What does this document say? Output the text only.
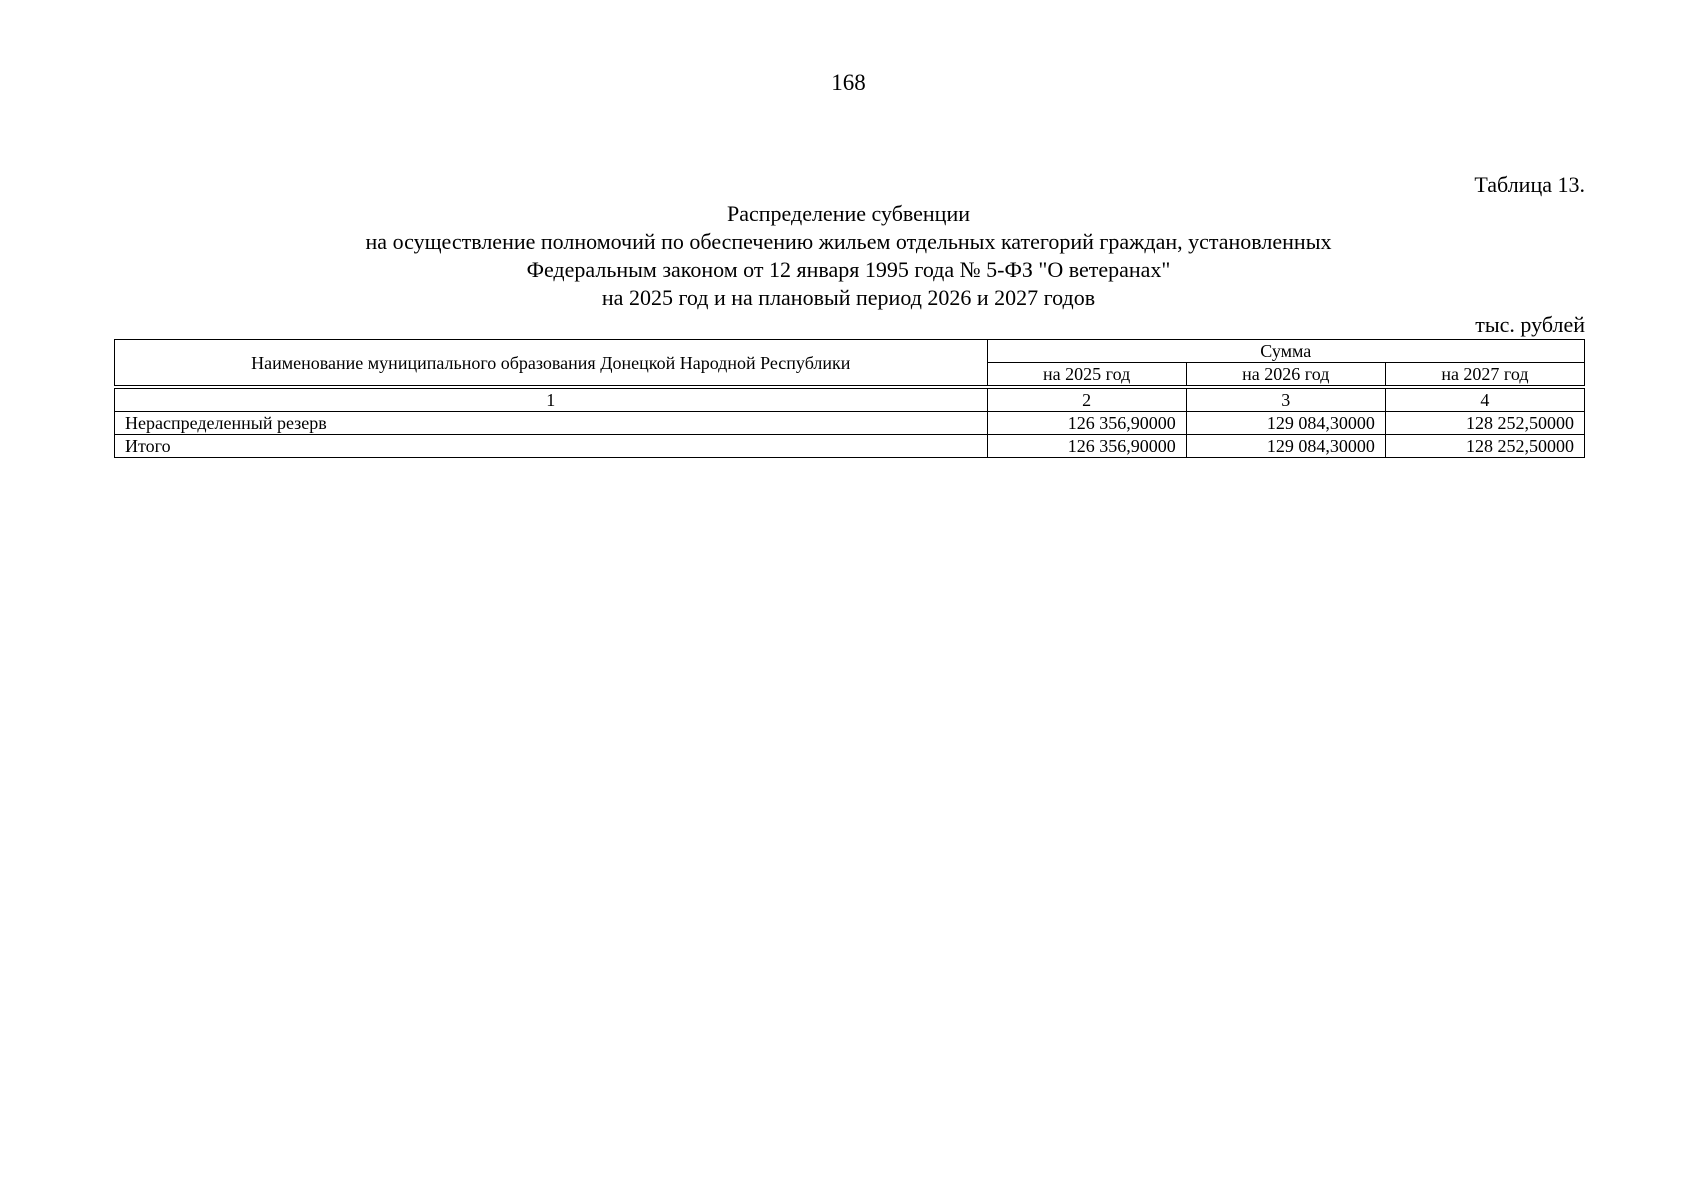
168
Таблица 13.
Распределение субвенции
на осуществление полномочий по обеспечению жильем отдельных категорий граждан, установленных
Федеральным законом от 12 января 1995 года № 5-ФЗ "О ветеранах"
на 2025 год и на плановый период 2026 и 2027 годов
тыс. рублей
Наименование муниципального образования Донецкой Народной Республики	Сумма		
	на 2025 год	на 2026 год	на 2027 год
1	2	3	4
Нераспределенный резерв	126 356,90000	129 084,30000	128 252,50000
Итого	126 356,90000	129 084,30000	128 252,50000
